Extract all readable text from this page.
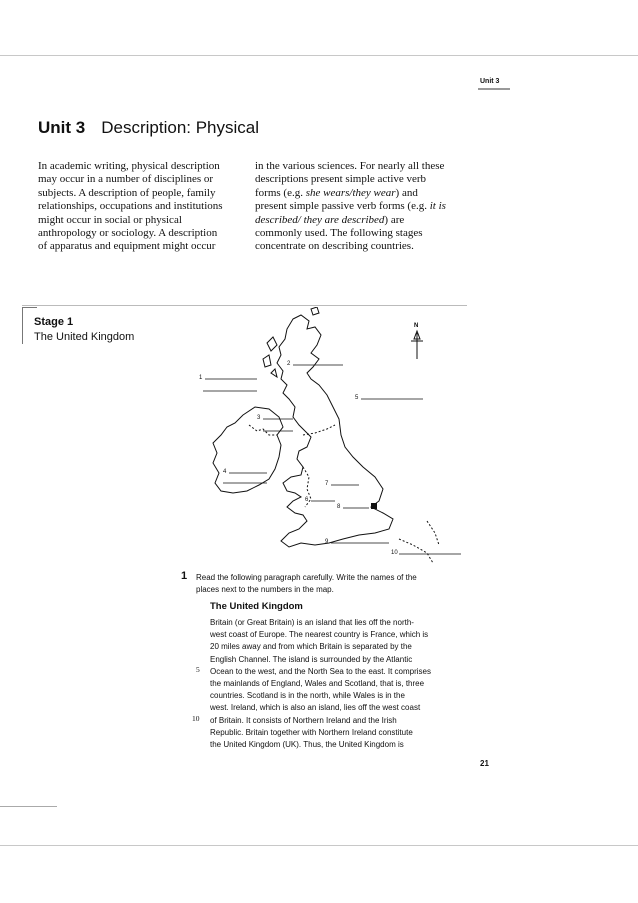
Unit 3
Unit 3 Description: Physical
In academic writing, physical description
may occur in a number of disciplines or
subjects. A description of people, family
relationships, occupations and institutions
might occur in social or physical
anthropology or sociology. A description
of apparatus and equipment might occur
in the various sciences. For nearly all these
descriptions present simple active verb
forms (e.g. she wears/they wear) and
present simple passive verb forms (e.g. it is
described/ they are described) are
commonly used. The following stages
concentrate on describing countries.
Stage 1
The United Kingdom
N
1
2
3
4
5
6
7
8
9
10
1 Read the following paragraph carefully. Write the names of the
places next to the numbers in the map.
The United Kingdom
Britain (or Great Britain) is an island that lies off the north-
west coast of Europe. The nearest country is France, which is
20 miles away and from which Britain is separated by the
English Channel. The island is surrounded by the Atlantic
Ocean to the west, and the North Sea to the east. It comprises
the mainlands of England, Wales and Scotland, that is, three
countries. Scotland is in the north, while Wales is in the
west. Ireland, which is also an island, lies off the west coast
of Britain. It consists of Northern Ireland and the Irish
Republic. Britain together with Northern Ireland constitute
the United Kingdom (UK). Thus, the United Kingdom is
5
10
21
